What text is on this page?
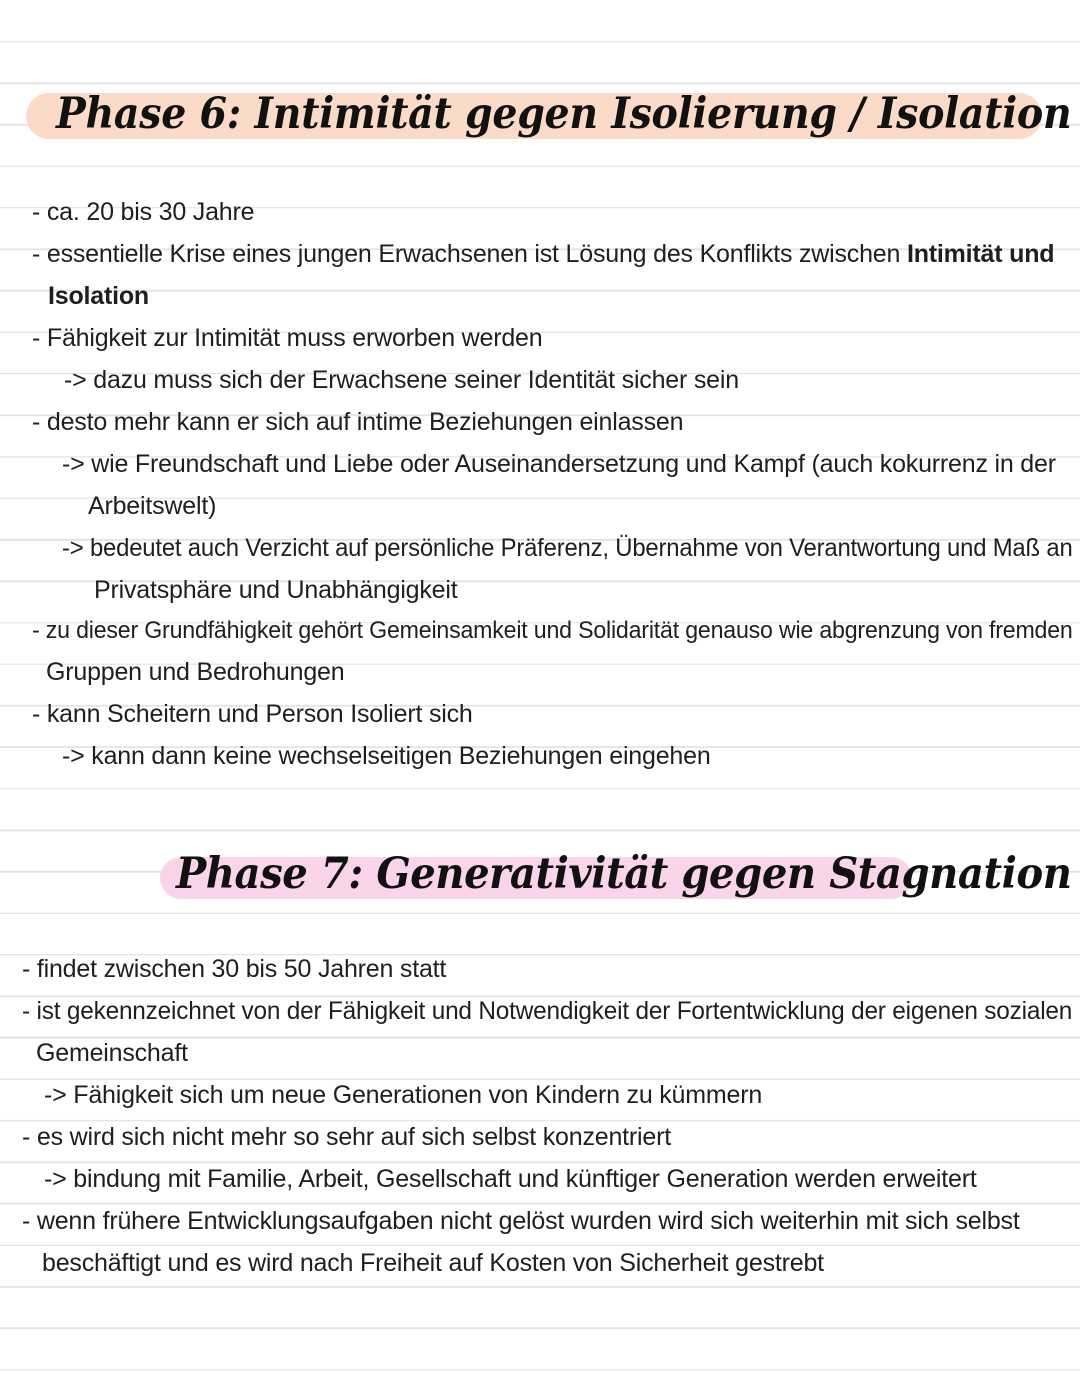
Phase 6: Intimität gegen Isolierung / Isolation
- ca. 20 bis 30 Jahre
- essentielle Krise eines jungen Erwachsenen ist Lösung des Konflikts zwischen Intimität und
Isolation
- Fähigkeit zur Intimität muss erworben werden
-> dazu muss sich der Erwachsene seiner Identität sicher sein
- desto mehr kann er sich auf intime Beziehungen einlassen
-> wie Freundschaft und Liebe oder Auseinandersetzung und Kampf (auch kokurrenz in der
Arbeitswelt)
-> bedeutet auch Verzicht auf persönliche Präferenz, Übernahme von Verantwortung und Maß an
Privatsphäre und Unabhängigkeit
- zu dieser Grundfähigkeit gehört Gemeinsamkeit und Solidarität genauso wie abgrenzung von fremden
Gruppen und Bedrohungen
- kann Scheitern und Person Isoliert sich
-> kann dann keine wechselseitigen Beziehungen eingehen
Phase 7: Generativität gegen Stagnation
- findet zwischen 30 bis 50 Jahren statt
- ist gekennzeichnet von der Fähigkeit und Notwendigkeit der Fortentwicklung der eigenen sozialen
Gemeinschaft
-> Fähigkeit sich um neue Generationen von Kindern zu kümmern
- es wird sich nicht mehr so sehr auf sich selbst konzentriert
-> bindung mit Familie, Arbeit, Gesellschaft und künftiger Generation werden erweitert
- wenn frühere Entwicklungsaufgaben nicht gelöst wurden wird sich weiterhin mit sich selbst
beschäftigt und es wird nach Freiheit auf Kosten von Sicherheit gestrebt
